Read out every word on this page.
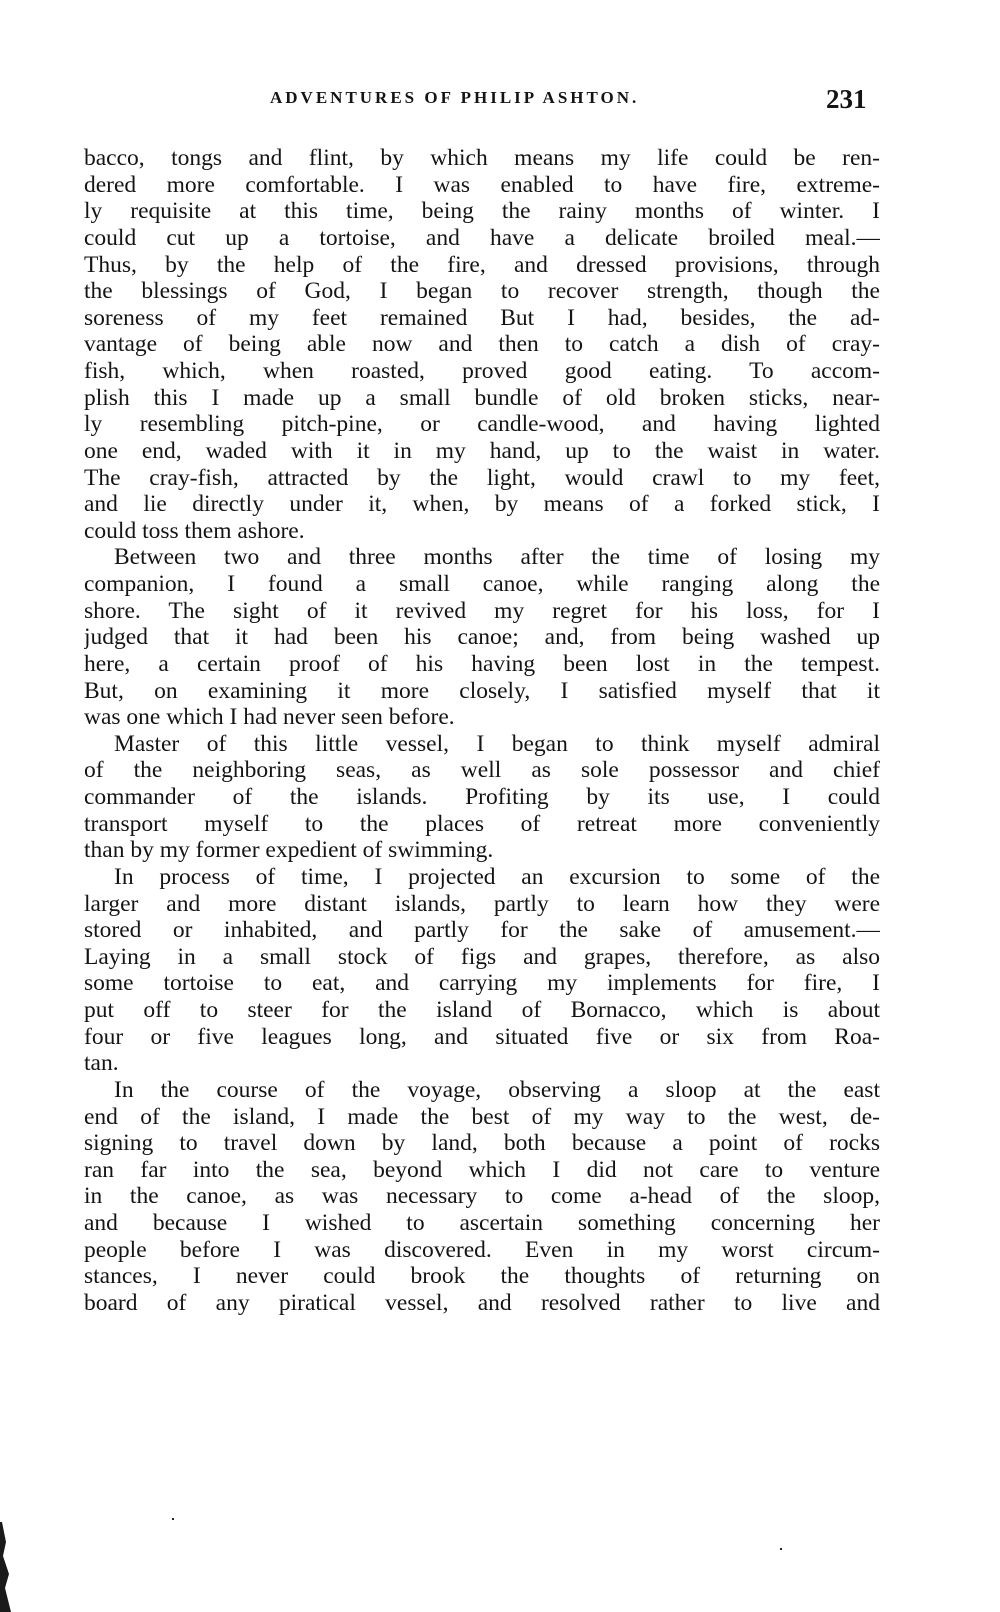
ADVENTURES OF PHILIP ASHTON.	231
bacco, tongs and flint, by which means my life could be ren-
dered more comfortable. I was enabled to have fire, extreme-
ly requisite at this time, being the rainy months of winter. I
could cut up a tortoise, and have a delicate broiled meal.—
Thus, by the help of the fire, and dressed provisions, through
the blessings of God, I began to recover strength, though the
soreness of my feet remained But I had, besides, the ad-
vantage of being able now and then to catch a dish of cray-
fish, which, when roasted, proved good eating. To accom-
plish this I made up a small bundle of old broken sticks, near-
ly resembling pitch-pine, or candle-wood, and having lighted
one end, waded with it in my hand, up to the waist in water.
The cray-fish, attracted by the light, would crawl to my feet,
and lie directly under it, when, by means of a forked stick, I
could toss them ashore.
Between two and three months after the time of losing my
companion, I found a small canoe, while ranging along the
shore. The sight of it revived my regret for his loss, for I
judged that it had been his canoe; and, from being washed up
here, a certain proof of his having been lost in the tempest.
But, on examining it more closely, I satisfied myself that it
was one which I had never seen before.
Master of this little vessel, I began to think myself admiral
of the neighboring seas, as well as sole possessor and chief
commander of the islands. Profiting by its use, I could
transport myself to the places of retreat more conveniently
than by my former expedient of swimming.
In process of time, I projected an excursion to some of the
larger and more distant islands, partly to learn how they were
stored or inhabited, and partly for the sake of amusement.—
Laying in a small stock of figs and grapes, therefore, as also
some tortoise to eat, and carrying my implements for fire, I
put off to steer for the island of Bornacco, which is about
four or five leagues long, and situated five or six from Roa-
tan.
In the course of the voyage, observing a sloop at the east
end of the island, I made the best of my way to the west, de-
signing to travel down by land, both because a point of rocks
ran far into the sea, beyond which I did not care to venture
in the canoe, as was necessary to come a-head of the sloop,
and because I wished to ascertain something concerning her
people before I was discovered. Even in my worst circum-
stances, I never could brook the thoughts of returning on
board of any piratical vessel, and resolved rather to live and
